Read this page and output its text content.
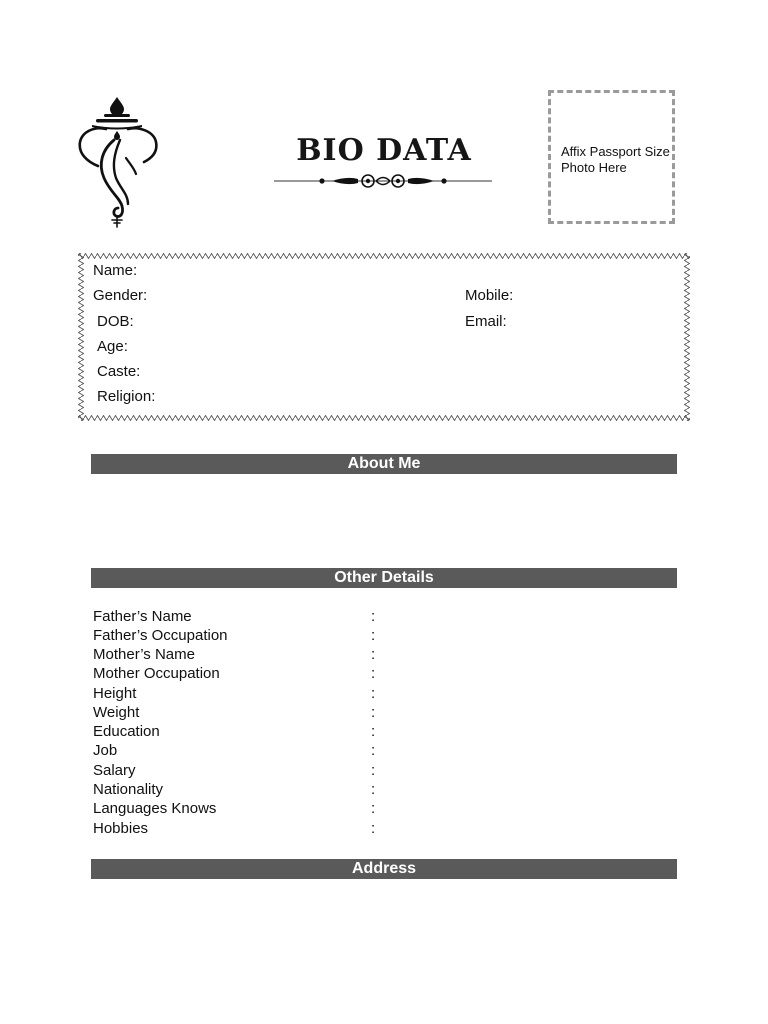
BIO DATA	Affix Passport Size Photo Here
Name:
Gender:	Mobile:
DOB:	Email:
Age:
Caste:
Religion:
About Me
Other Details
Address
Father’s Name	:
Father’s Occupation	:
Mother’s Name	:
Mother Occupation	:
Height	:
Weight	:
Education	:
Job	:
Salary	:
Nationality	:
Languages Knows	:
Hobbies	:
